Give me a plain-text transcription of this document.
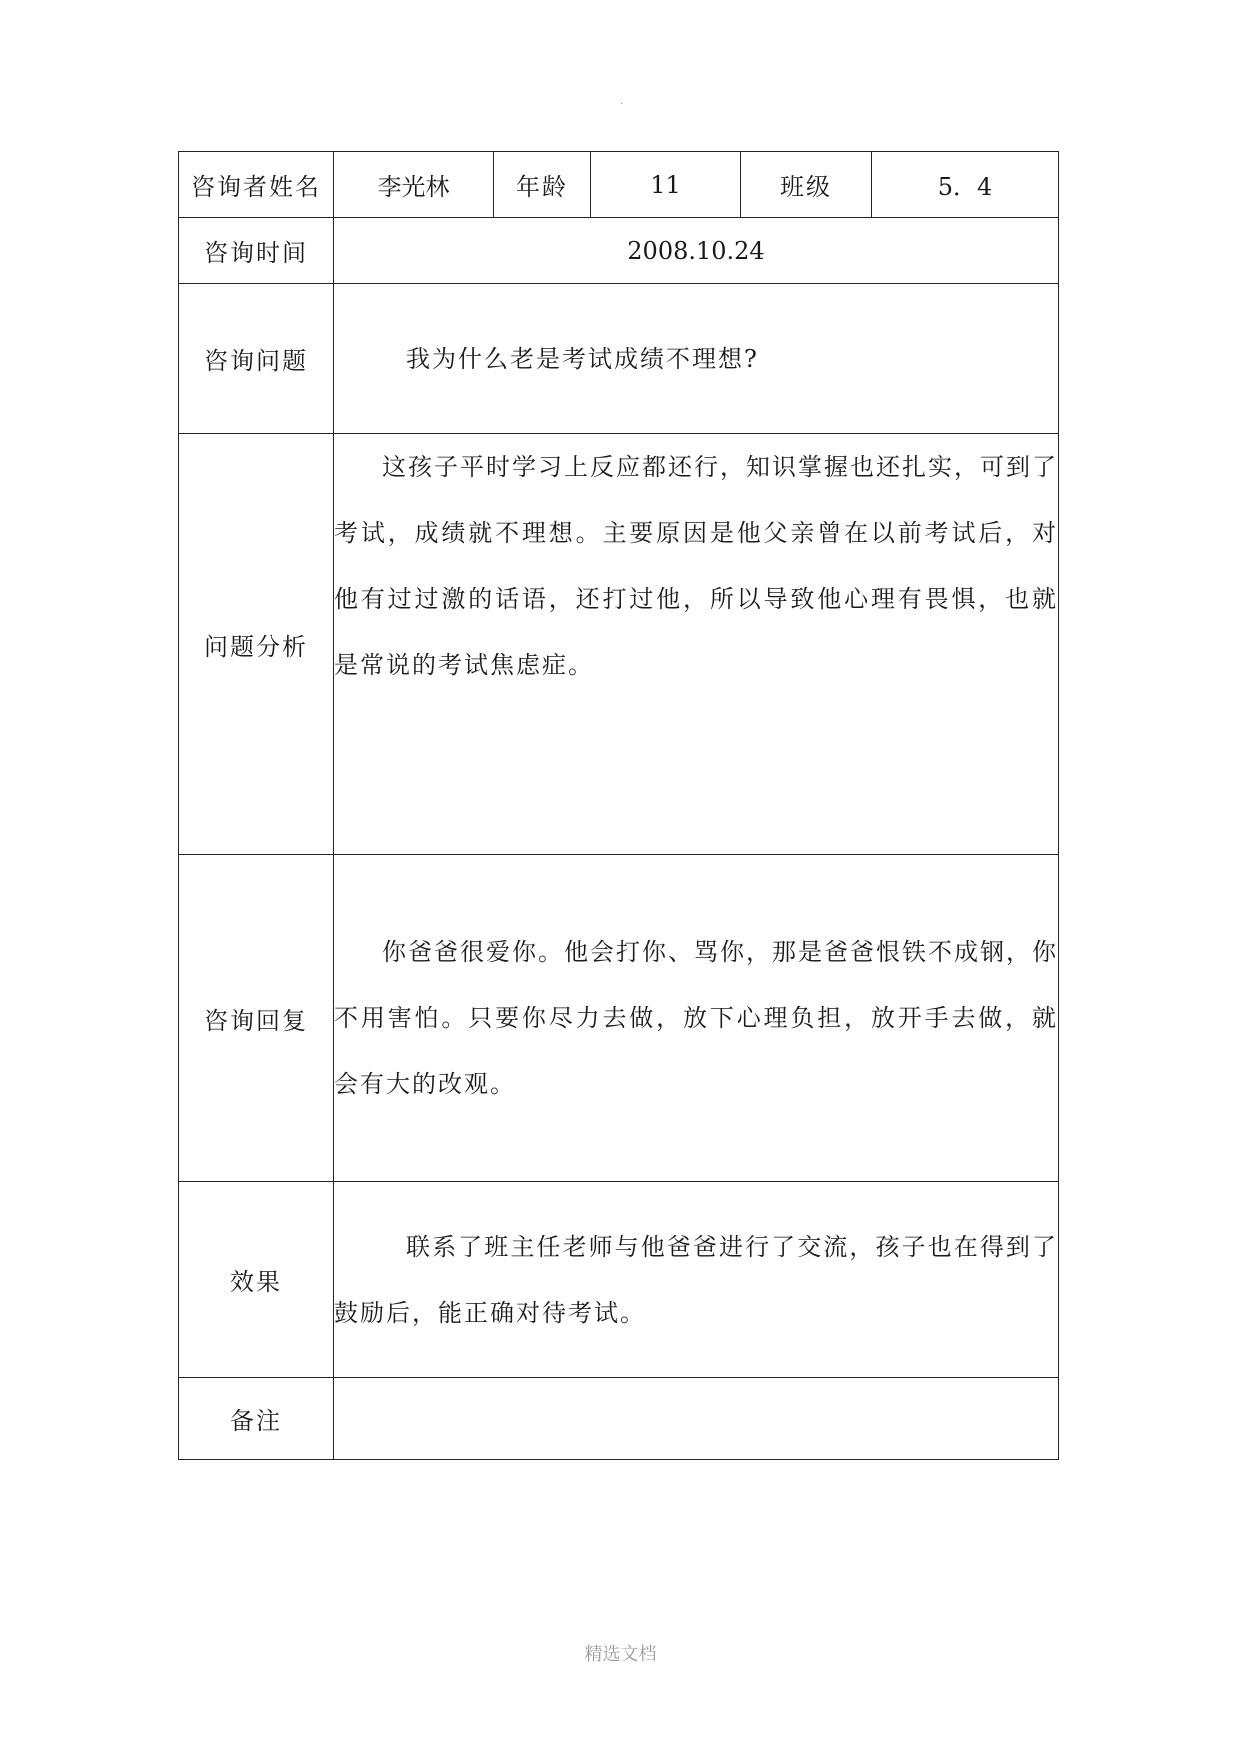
.
咨询者姓名	李光林	年龄	11	班级	5．4
咨询时间	2008.10.24				
咨询问题	我为什么老是考试成绩不理想?				

问题分析	这孩子平时学习上反应都还行，知识掌握也还扎实，可到了考试，成绩就不理想。主要原因是他父亲曾在以前考试后，对他有过过激的话语，还打过他，所以导致他心理有畏惧，也就是常说的考试焦虑症。				

咨询回复	你爸爸很爱你。他会打你、骂你，那是爸爸恨铁不成钢，你不用害怕。只要你尽力去做，放下心理负担，放开手去做，就会有大的改观。				

效果	联系了班主任老师与他爸爸进行了交流，孩子也在得到了鼓励后，能正确对待考试。				

备注					
精选文档
